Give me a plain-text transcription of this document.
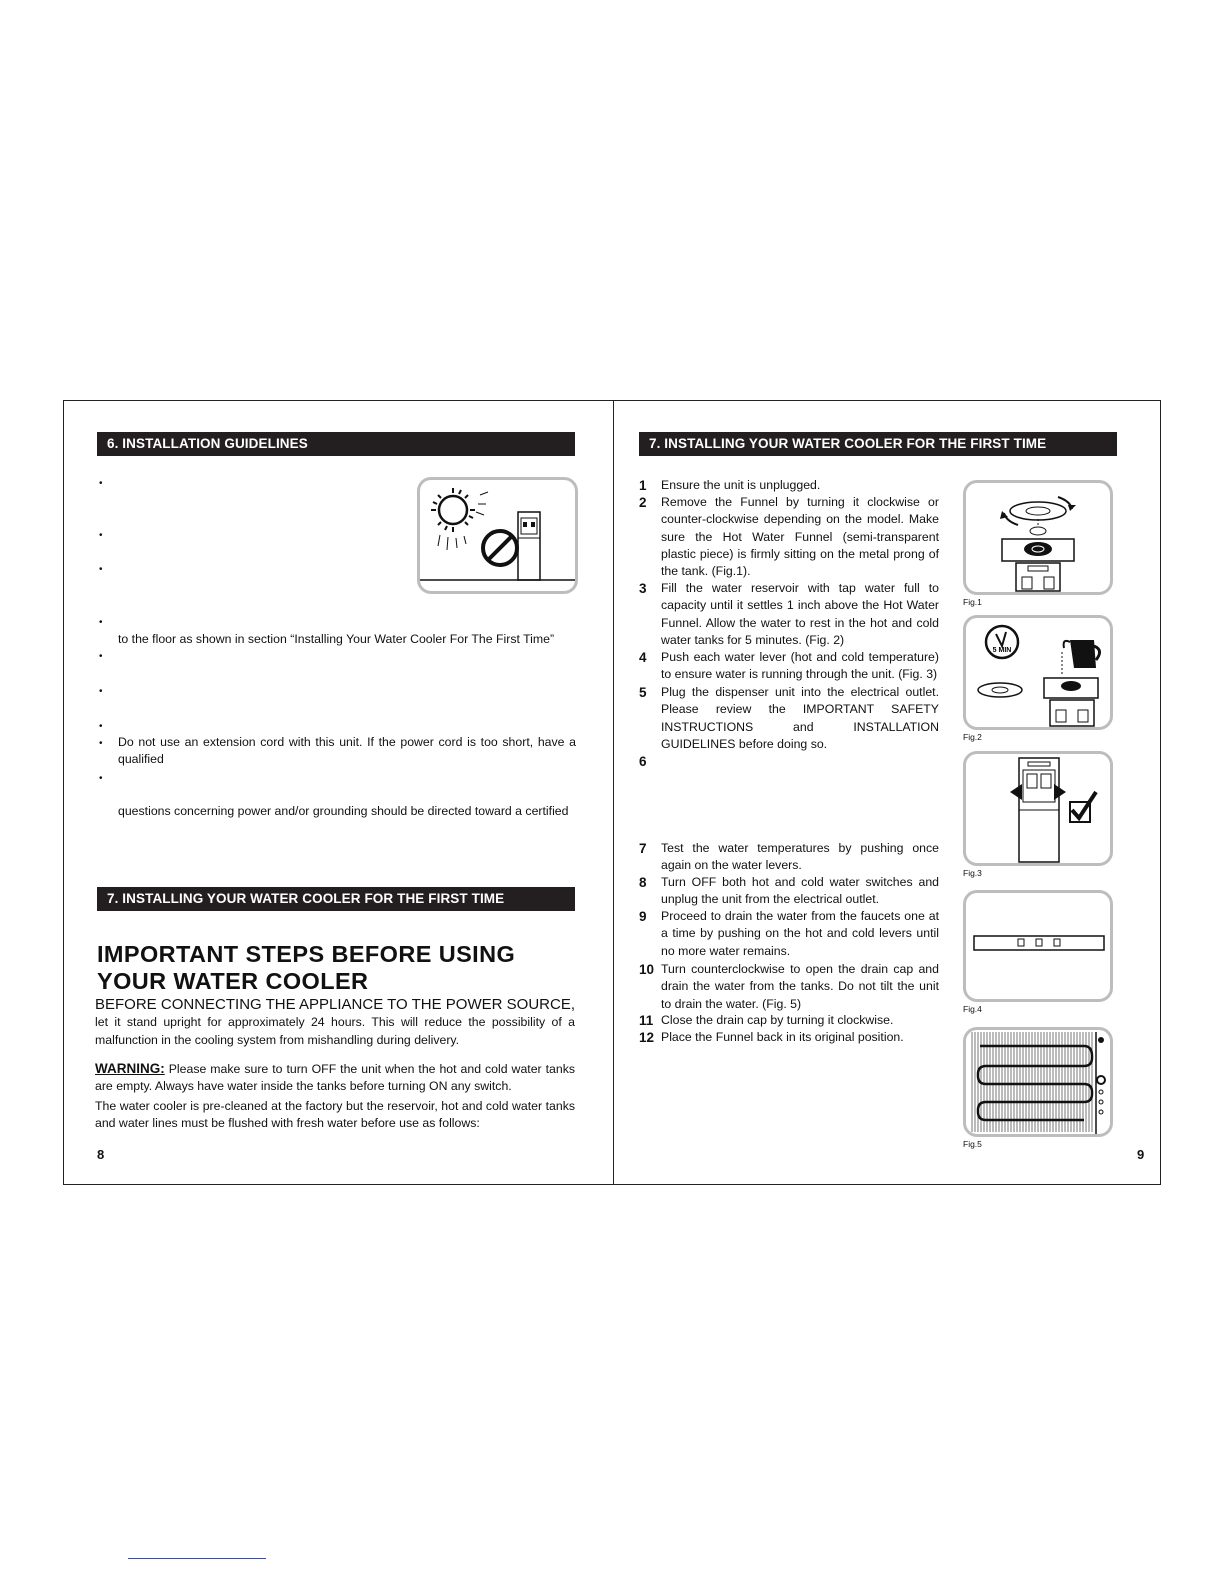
6. INSTALLATION GUIDELINES
•
•
•
•
•
•
•
•
•
to the floor as shown in section “Installing Your Water Cooler For The First Time”
Do not use an extension cord with this unit. If the power cord is too short, have a qualified
questions concerning power and/or grounding should be directed toward a certified
7. INSTALLING YOUR WATER COOLER FOR THE FIRST TIME
IMPORTANT STEPS BEFORE USING YOUR WATER COOLER
BEFORE CONNECTING THE APPLIANCE TO THE POWER SOURCE, let it stand upright for approximately 24 hours. This will reduce the possibility of a malfunction in the cooling system from mishandling during delivery.
WARNING: Please make sure to turn OFF the unit when the hot and cold water tanks are empty. Always have water inside the tanks before turning ON any switch.
The water cooler is pre-cleaned at the factory but the reservoir, hot and cold water tanks and water lines must be flushed with fresh water before use as follows:
8
7. INSTALLING YOUR WATER COOLER FOR THE FIRST TIME
1	Ensure the unit is unplugged.
2	Remove the Funnel by turning it clockwise or counter-clockwise depending on the model. Make sure the Hot Water Funnel (semi-transparent plastic piece) is firmly sitting on the metal prong of the tank. (Fig.1).
3	Fill the water reservoir with tap water full to capacity until it settles 1 inch above the Hot Water Funnel. Allow the water to rest in the hot and cold water tanks for 5 minutes. (Fig. 2)
4	Push each water lever (hot and cold temperature) to ensure water is running through the unit. (Fig. 3)
5	Plug the dispenser unit into the electrical outlet. Please review the IMPORTANT SAFETY INSTRUCTIONS and INSTALLATION GUIDELINES before doing so.
6
7	Test the water temperatures by pushing once again on the water levers.
8	Turn OFF both hot and cold water switches and unplug the unit from the electrical outlet.
9	Proceed to drain the water from the faucets one at a time by pushing on the hot and cold levers until no more water remains.
10 Turn counterclockwise to open the drain cap and drain the water from the tanks. Do not tilt the unit to drain the water. (Fig. 5)
11 Close the drain cap by turning it clockwise.
12 Place the Funnel back in its original position.
Fig.1
5 MIN
Fig.2
Fig.3
Fig.4
Fig.5
9
